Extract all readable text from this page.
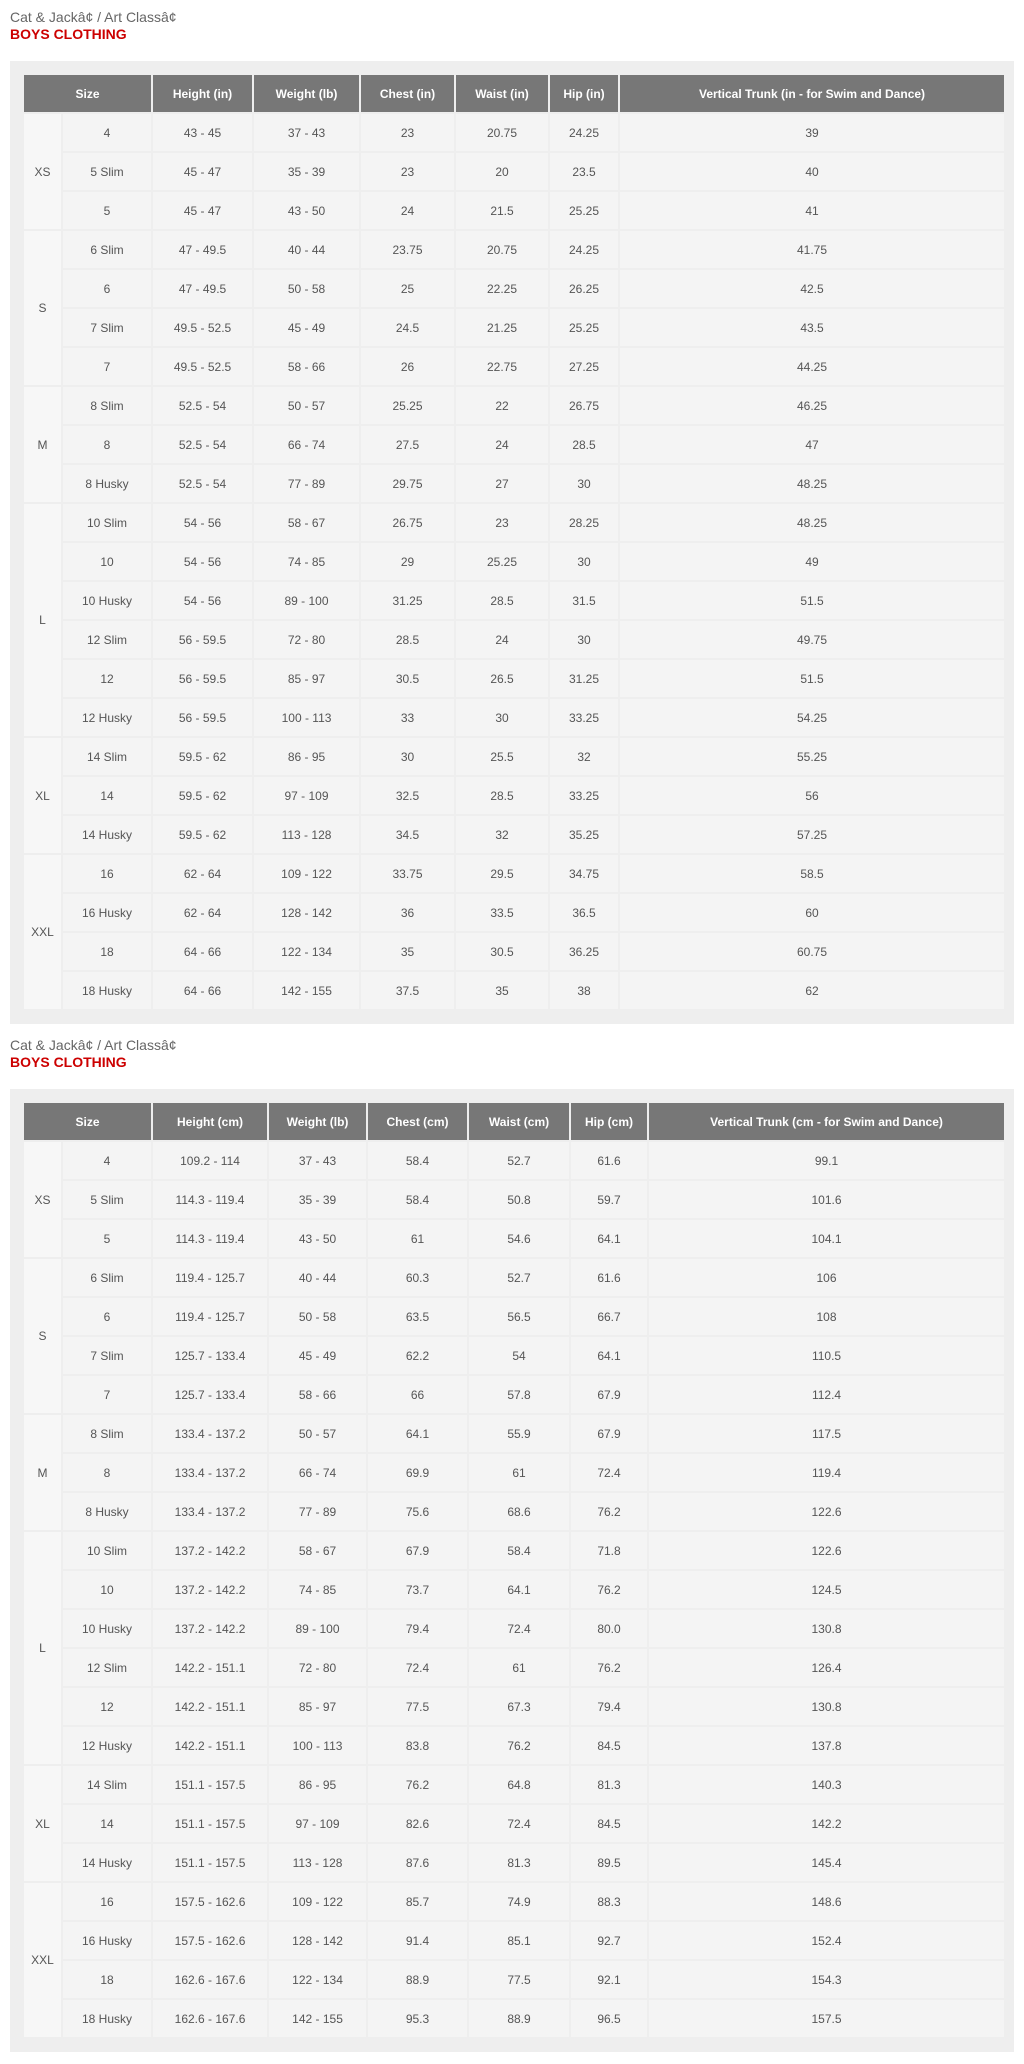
Cat & Jackâ¢ / Art Classâ¢
BOYS CLOTHING
Size		Height (in)	Weight (lb)	Chest (in)	Waist (in)	Hip (in)	Vertical Trunk (in - for Swim and Dance)
XS	4	43 - 45	37 - 43	23	20.75	24.25	39
	5 Slim	45 - 47	35 - 39	23	20	23.5	40
	5	45 - 47	43 - 50	24	21.5	25.25	41
S	6 Slim	47 - 49.5	40 - 44	23.75	20.75	24.25	41.75
	6	47 - 49.5	50 - 58	25	22.25	26.25	42.5
	7 Slim	49.5 - 52.5	45 - 49	24.5	21.25	25.25	43.5
	7	49.5 - 52.5	58 - 66	26	22.75	27.25	44.25
M	8 Slim	52.5 - 54	50 - 57	25.25	22	26.75	46.25
	8	52.5 - 54	66 - 74	27.5	24	28.5	47
	8 Husky	52.5 - 54	77 - 89	29.75	27	30	48.25
L	10 Slim	54 - 56	58 - 67	26.75	23	28.25	48.25
	10	54 - 56	74 - 85	29	25.25	30	49
	10 Husky	54 - 56	89 - 100	31.25	28.5	31.5	51.5
	12 Slim	56 - 59.5	72 - 80	28.5	24	30	49.75
	12	56 - 59.5	85 - 97	30.5	26.5	31.25	51.5
	12 Husky	56 - 59.5	100 - 113	33	30	33.25	54.25
XL	14 Slim	59.5 - 62	86 - 95	30	25.5	32	55.25
	14	59.5 - 62	97 - 109	32.5	28.5	33.25	56
	14 Husky	59.5 - 62	113 - 128	34.5	32	35.25	57.25
XXL	16	62 - 64	109 - 122	33.75	29.5	34.75	58.5
	16 Husky	62 - 64	128 - 142	36	33.5	36.5	60
	18	64 - 66	122 - 134	35	30.5	36.25	60.75
	18 Husky	64 - 66	142 - 155	37.5	35	38	62
Cat & Jackâ¢ / Art Classâ¢
BOYS CLOTHING
Size		Height (cm)	Weight (lb)	Chest (cm)	Waist (cm)	Hip (cm)	Vertical Trunk (cm - for Swim and Dance)
XS	4	109.2 - 114	37 - 43	58.4	52.7	61.6	99.1
	5 Slim	114.3 - 119.4	35 - 39	58.4	50.8	59.7	101.6
	5	114.3 - 119.4	43 - 50	61	54.6	64.1	104.1
S	6 Slim	119.4 - 125.7	40 - 44	60.3	52.7	61.6	106
	6	119.4 - 125.7	50 - 58	63.5	56.5	66.7	108
	7 Slim	125.7 - 133.4	45 - 49	62.2	54	64.1	110.5
	7	125.7 - 133.4	58 - 66	66	57.8	67.9	112.4
M	8 Slim	133.4 - 137.2	50 - 57	64.1	55.9	67.9	117.5
	8	133.4 - 137.2	66 - 74	69.9	61	72.4	119.4
	8 Husky	133.4 - 137.2	77 - 89	75.6	68.6	76.2	122.6
L	10 Slim	137.2 - 142.2	58 - 67	67.9	58.4	71.8	122.6
	10	137.2 - 142.2	74 - 85	73.7	64.1	76.2	124.5
	10 Husky	137.2 - 142.2	89 - 100	79.4	72.4	80.0	130.8
	12 Slim	142.2 - 151.1	72 - 80	72.4	61	76.2	126.4
	12	142.2 - 151.1	85 - 97	77.5	67.3	79.4	130.8
	12 Husky	142.2 - 151.1	100 - 113	83.8	76.2	84.5	137.8
XL	14 Slim	151.1 - 157.5	86 - 95	76.2	64.8	81.3	140.3
	14	151.1 - 157.5	97 - 109	82.6	72.4	84.5	142.2
	14 Husky	151.1 - 157.5	113 - 128	87.6	81.3	89.5	145.4
XXL	16	157.5 - 162.6	109 - 122	85.7	74.9	88.3	148.6
	16 Husky	157.5 - 162.6	128 - 142	91.4	85.1	92.7	152.4
	18	162.6 - 167.6	122 - 134	88.9	77.5	92.1	154.3
	18 Husky	162.6 - 167.6	142 - 155	95.3	88.9	96.5	157.5
